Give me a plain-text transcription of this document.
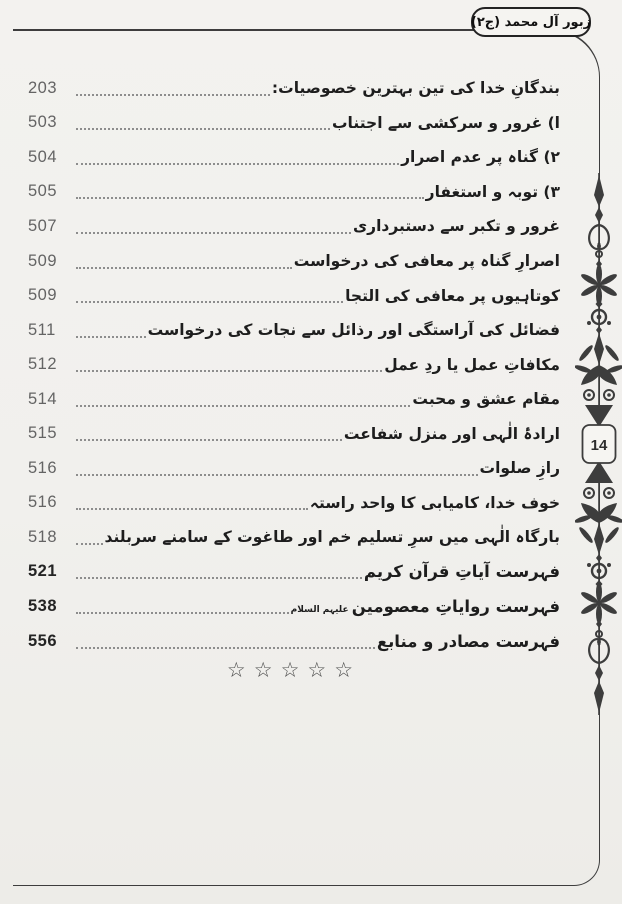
زبور آل محمد (ج۲)
203	بندگانِ خدا کی تین بہترین خصوصیات:
503	ا) غرور و سرکشی سے اجتناب
504	۲) گناہ پر عدم اصرار
505	۳) توبہ و استغفار
507	غرور و تکبر سے دستبرداری
509	اصرارِ گناہ پر معافی کی درخواست
509	کوتاہیوں پر معافی کی التجا
511	فضائل کی آراستگی اور رذائل سے نجات کی درخواست
512	مکافاتِ عمل یا ردِ عمل
514	مقام عشق و محبت
515	ارادۂ الٰہی اور منزل شفاعت
516	رازِ صلوات
516	خوف خدا، کامیابی کا واحد راستہ
518	بارگاہ الٰہی میں سرِ تسلیم خم اور طاغوت کے سامنے سربلند
521	فہرست آیاتِ قرآن کریم
538	فہرست روایاتِ معصومین علیہم السلام
556	فہرست مصادر و منابع
☆☆☆☆☆
14
